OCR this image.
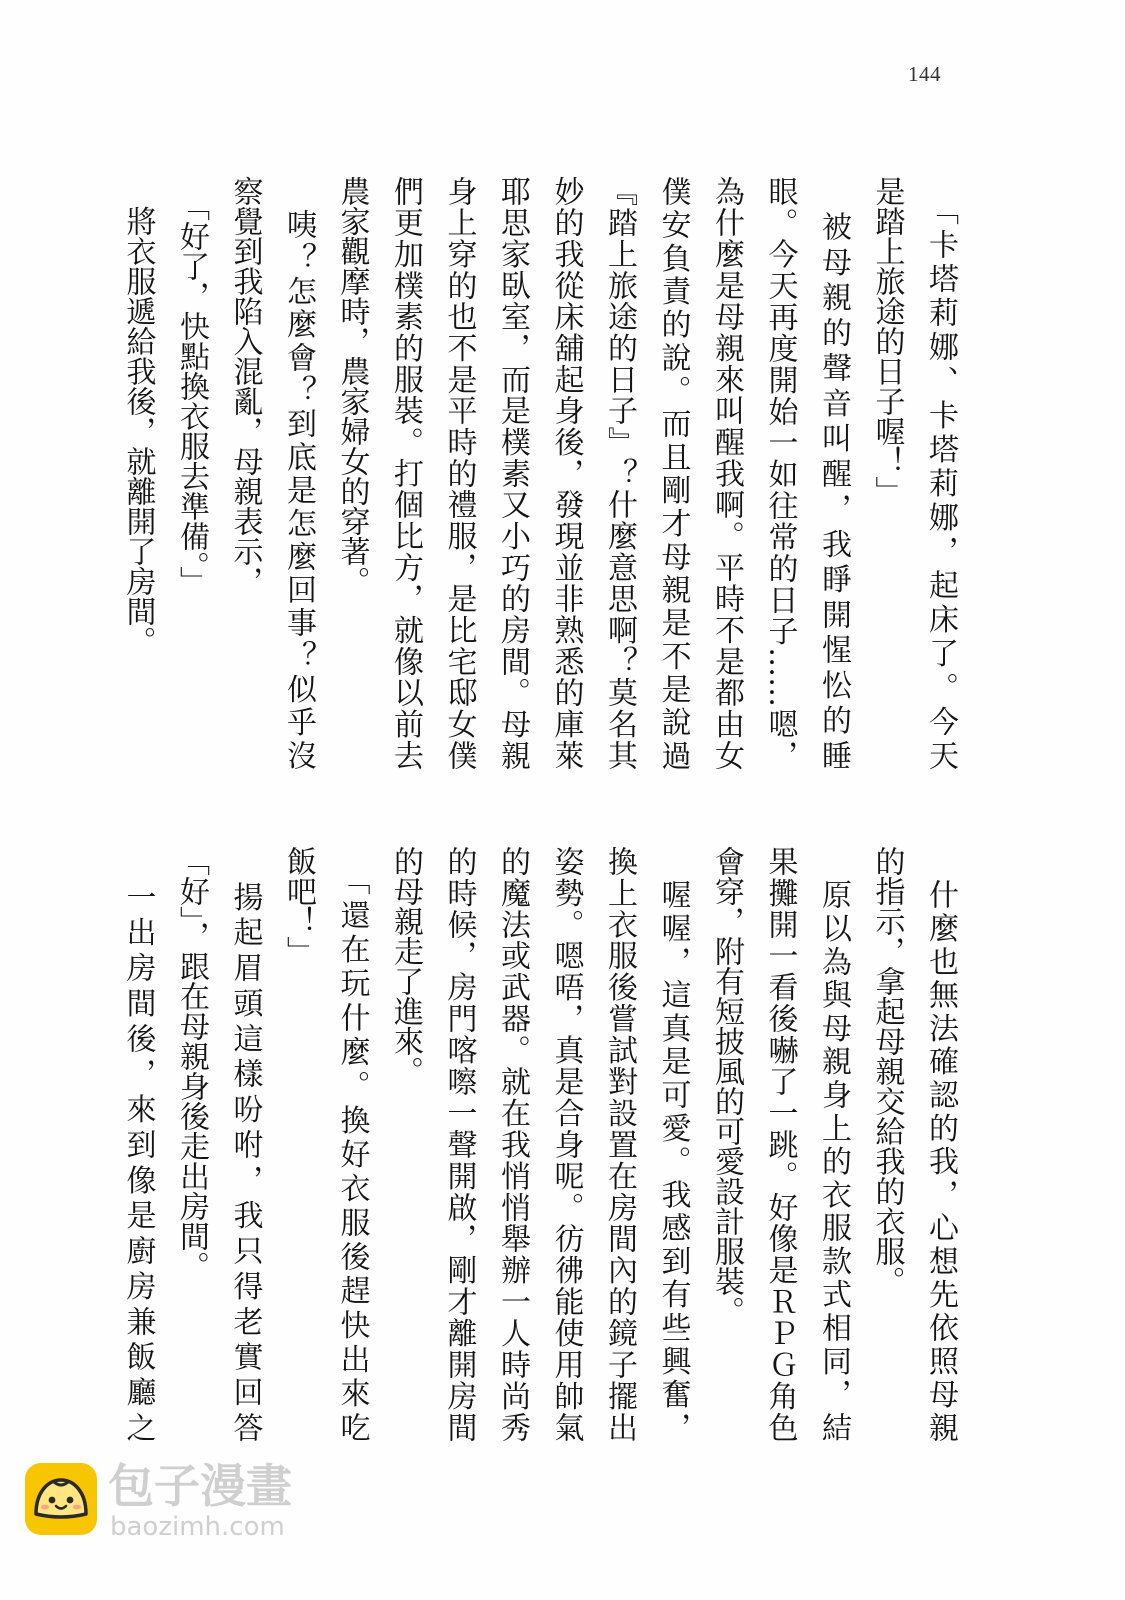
144
　「卡塔莉娜、卡塔莉娜，起床了。今天
是踏上旅途的日子喔！」
　被母親的聲音叫醒，我睜開惺忪的睡
眼。今天再度開始一如往常的日子……嗯，
為什麼是母親來叫醒我啊。平時不是都由女
僕安負責的說。而且剛才母親是不是說過
『踏上旅途的日子』？什麼意思啊？莫名其
妙的我從床舖起身後，發現並非熟悉的庫萊
耶思家臥室，而是樸素又小巧的房間。母親
身上穿的也不是平時的禮服，是比宅邸女僕
們更加樸素的服裝。打個比方，就像以前去
農家觀摩時，農家婦女的穿著。
　咦？怎麼會？到底是怎麼回事？似乎沒
察覺到我陷入混亂，母親表示，
　「好了，快點換衣服去準備。」
　將衣服遞給我後，就離開了房間。
　什麼也無法確認的我，心想先依照母親
的指示，拿起母親交給我的衣服。
　原以為與母親身上的衣服款式相同，結
果攤開一看後嚇了一跳。好像是ＲＰＧ角色
會穿，附有短披風的可愛設計服裝。
　喔喔，這真是可愛。我感到有些興奮，
換上衣服後嘗試對設置在房間內的鏡子擺出
姿勢。嗯唔，真是合身呢。彷彿能使用帥氣
的魔法或武器。就在我悄悄舉辦一人時尚秀
的時候，房門喀嚓一聲開啟，剛才離開房間
的母親走了進來。
　「還在玩什麼。換好衣服後趕快出來吃
飯吧！」
　揚起眉頭這樣吩咐，我只得老實回答
「好」，跟在母親身後走出房間。
　一出房間後，來到像是廚房兼飯廳之
包子漫畫
baozimh.com
